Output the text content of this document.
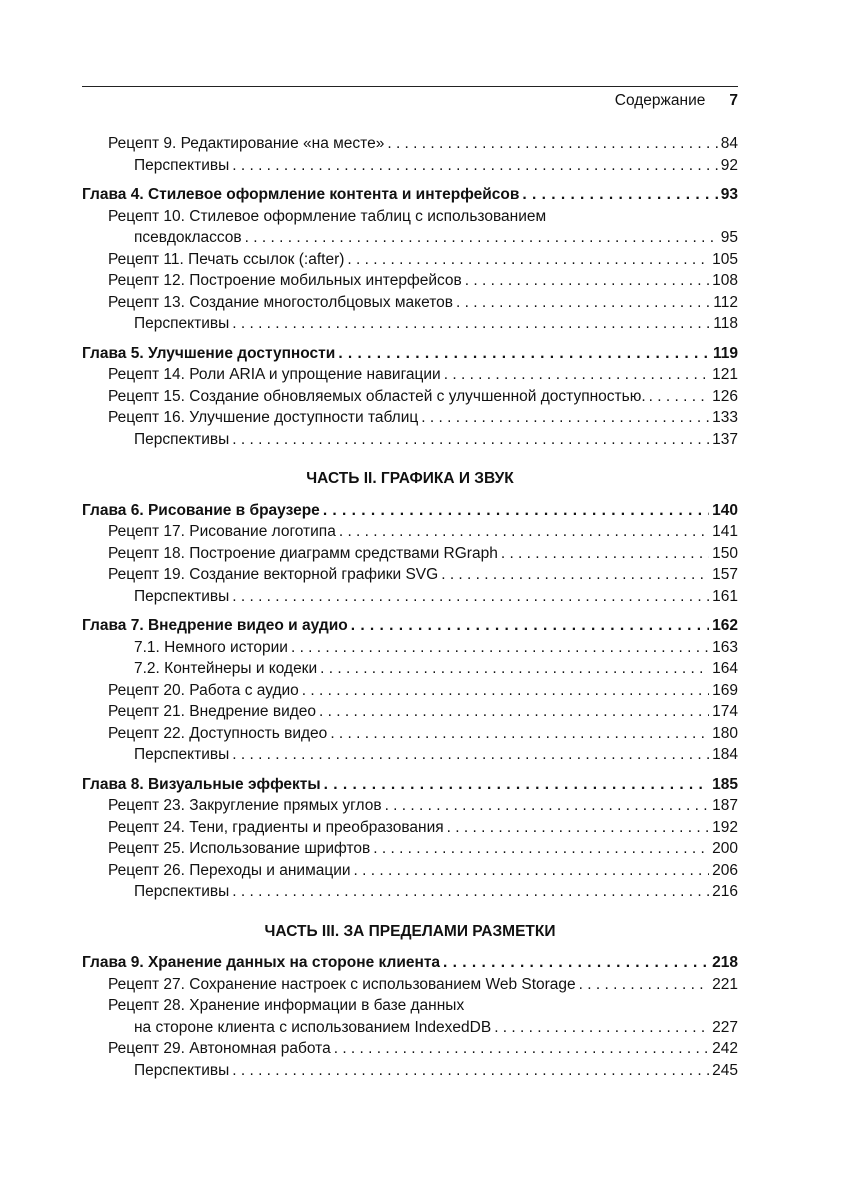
Содержание 7
Рецепт 9. Редактирование «на месте» . . .	84
Перспективы . . .	92
Глава 4. Стилевое оформление контента и интерфейсов . . .	93
Рецепт 10. Стилевое оформление таблиц с использованием
псевдоклассов . . .	95
Рецепт 11. Печать ссылок (:after) . . .	105
Рецепт 12. Построение мобильных интерфейсов . . .	108
Рецепт 13. Создание многостолбцовых макетов . . .	112
Перспективы . . .	118
Глава 5. Улучшение доступности . . .	119
Рецепт 14. Роли ARIA и упрощение навигации . . .	121
Рецепт 15. Создание обновляемых областей с улучшенной доступностью. . . .	126
Рецепт 16. Улучшение доступности таблиц . . .	133
Перспективы . . .	137
ЧАСТЬ II. ГРАФИКА И ЗВУК
Глава 6. Рисование в браузере . . .	140
Рецепт 17. Рисование логотипа . . .	141
Рецепт 18. Построение диаграмм средствами RGraph . . .	150
Рецепт 19. Создание векторной графики SVG . . .	157
Перспективы . . .	161
Глава 7. Внедрение видео и аудио . . .	162
7.1. Немного истории . . .	163
7.2. Контейнеры и кодеки . . .	164
Рецепт 20. Работа с аудио . . .	169
Рецепт 21. Внедрение видео . . .	174
Рецепт 22. Доступность видео . . .	180
Перспективы . . .	184
Глава 8. Визуальные эффекты . . .	185
Рецепт 23. Закругление прямых углов . . .	187
Рецепт 24. Тени, градиенты и преобразования . . .	192
Рецепт 25. Использование шрифтов . . .	200
Рецепт 26. Переходы и анимации . . .	206
Перспективы . . .	216
ЧАСТЬ III. ЗА ПРЕДЕЛАМИ РАЗМЕТКИ
Глава 9. Хранение данных на стороне клиента . . .	218
Рецепт 27. Сохранение настроек с использованием Web Storage . . .	221
Рецепт 28. Хранение информации в базе данных
на стороне клиента с использованием IndexedDB . . .	227
Рецепт 29. Автономная работа . . .	242
Перспективы . . .	245
